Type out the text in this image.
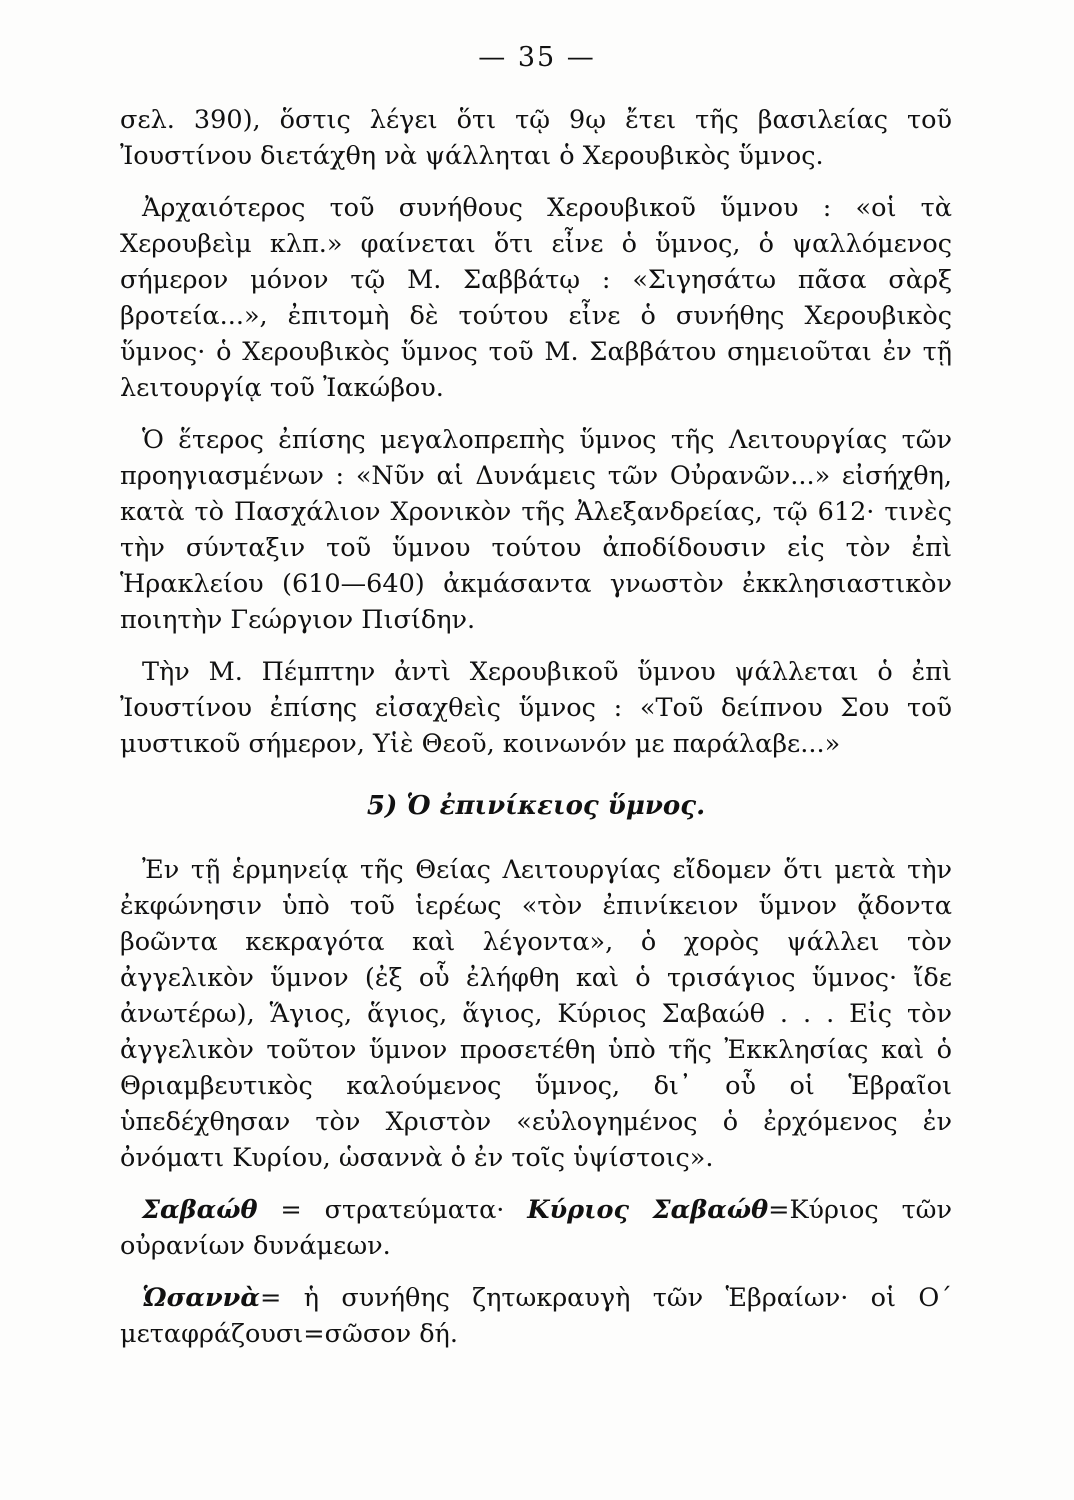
— 35 —

σελ. 390), ὅστις λέγει ὅτι τῷ 9ῳ ἔτει τῆς βασιλείας τοῦ Ἰουστίνου διετάχθη νὰ ψάλληται ὁ Χερουβικὸς ὕμνος.

Ἀρχαιότερος τοῦ συνήθους Χερουβικοῦ ὕμνου : «οἱ τὰ Χερουβεὶμ κλπ.» φαίνεται ὅτι εἶνε ὁ ὕμνος, ὁ ψαλλόμενος σήμερον μόνον τῷ Μ. Σαββάτῳ : «Σιγησάτω πᾶσα σὰρξ βροτεία...», ἐπιτομὴ δὲ τούτου εἶνε ὁ συνήθης Χερουβικὸς ὕμνος· ὁ Χερουβικὸς ὕμνος τοῦ Μ. Σαββάτου σημειοῦται ἐν τῇ λειτουργίᾳ τοῦ Ἰακώβου.

Ὁ ἕτερος ἐπίσης μεγαλοπρεπὴς ὕμνος τῆς Λειτουργίας τῶν προηγιασμένων : «Νῦν αἱ Δυνάμεις τῶν Οὐρανῶν...» εἰσήχθη, κατὰ τὸ Πασχάλιον Χρονικὸν τῆς Ἀλεξανδρείας, τῷ 612· τινὲς τὴν σύνταξιν τοῦ ὕμνου τούτου ἀποδίδουσιν εἰς τὸν ἐπὶ Ἡρακλείου (610—640) ἀκμάσαντα γνωστὸν ἐκκλησιαστικὸν ποιητὴν Γεώργιον Πισίδην.

Τὴν Μ. Πέμπτην ἀντὶ Χερουβικοῦ ὕμνου ψάλλεται ὁ ἐπὶ Ἰουστίνου ἐπίσης εἰσαχθεὶς ὕμνος : «Τοῦ δείπνου Σου τοῦ μυστικοῦ σήμερον, Υἱὲ Θεοῦ, κοινωνόν με παράλαβε...»

5) Ὁ ἐπινίκειος ὕμνος.

Ἐν τῇ ἑρμηνείᾳ τῆς Θείας Λειτουργίας εἴδομεν ὅτι μετὰ τὴν ἐκφώνησιν ὑπὸ τοῦ ἱερέως «τὸν ἐπινίκειον ὕμνον ᾄδοντα βοῶντα κεκραγότα καὶ λέγοντα», ὁ χορὸς ψάλλει τὸν ἀγγελικὸν ὕμνον (ἐξ οὗ ἐλήφθη καὶ ὁ τρισάγιος ὕμνος· ἴδε ἀνωτέρω), Ἅγιος, ἅγιος, ἅγιος, Κύριος Σαβαώθ . . . Εἰς τὸν ἀγγελικὸν τοῦτον ὕμνον προσετέθη ὑπὸ τῆς Ἐκκλησίας καὶ ὁ Θριαμβευτικὸς καλούμενος ὕμνος, δι᾿ οὗ οἱ Ἑβραῖοι ὑπεδέχθησαν τὸν Χριστὸν «εὐλογημένος ὁ ἐρχόμενος ἐν ὀνόματι Κυρίου, ὡσαννὰ ὁ ἐν τοῖς ὑψίστοις».

Σαβαώθ = στρατεύματα· Κύριος Σαβαώθ=Κύριος τῶν οὐρανίων δυνάμεων.

Ὡσαννὰ= ἡ συνήθης ζητωκραυγὴ τῶν Ἑβραίων· οἱ Ο΄ μεταφράζουσι=σῶσον δή.
